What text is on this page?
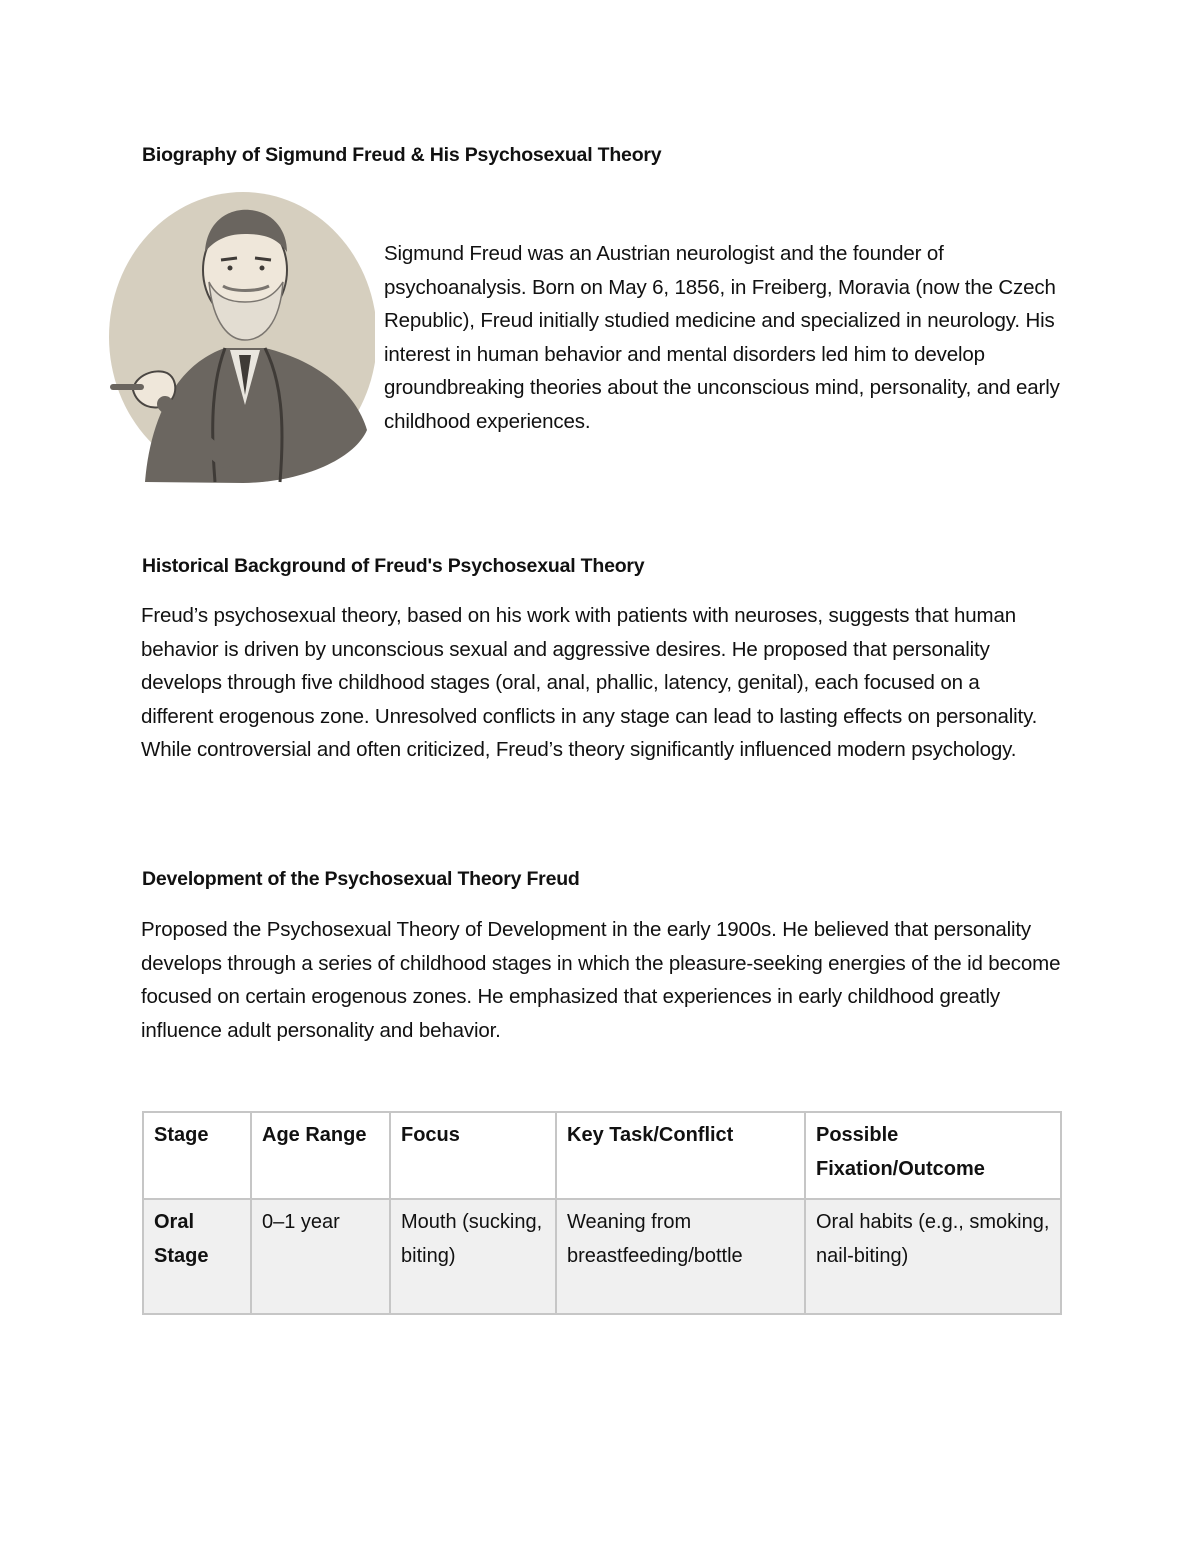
Biography of Sigmund Freud & His Psychosexual Theory

Sigmund Freud was an Austrian neurologist and the founder of psychoanalysis. Born on May 6, 1856, in Freiberg, Moravia (now the Czech Republic), Freud initially studied medicine and specialized in neurology. His interest in human behavior and mental disorders led him to develop groundbreaking theories about the unconscious mind, personality, and early childhood experiences.

Historical Background of Freud's Psychosexual Theory

Freud’s psychosexual theory, based on his work with patients with neuroses, suggests that human behavior is driven by unconscious sexual and aggressive desires. He proposed that personality develops through five childhood stages (oral, anal, phallic, latency, genital), each focused on a different erogenous zone. Unresolved conflicts in any stage can lead to lasting effects on personality. While controversial and often criticized, Freud’s theory significantly influenced modern psychology.

Development of the Psychosexual Theory Freud

Proposed the Psychosexual Theory of Development in the early 1900s. He believed that personality develops through a series of childhood stages in which the pleasure-seeking energies of the id become focused on certain erogenous zones. He emphasized that experiences in early childhood greatly influence adult personality and behavior.

Stage	Age Range	Focus	Key Task/Conflict	Possible Fixation/Outcome
Oral Stage	0–1 year	Mouth (sucking, biting)	Weaning from breastfeeding/bottle	Oral habits (e.g., smoking, nail-biting)
